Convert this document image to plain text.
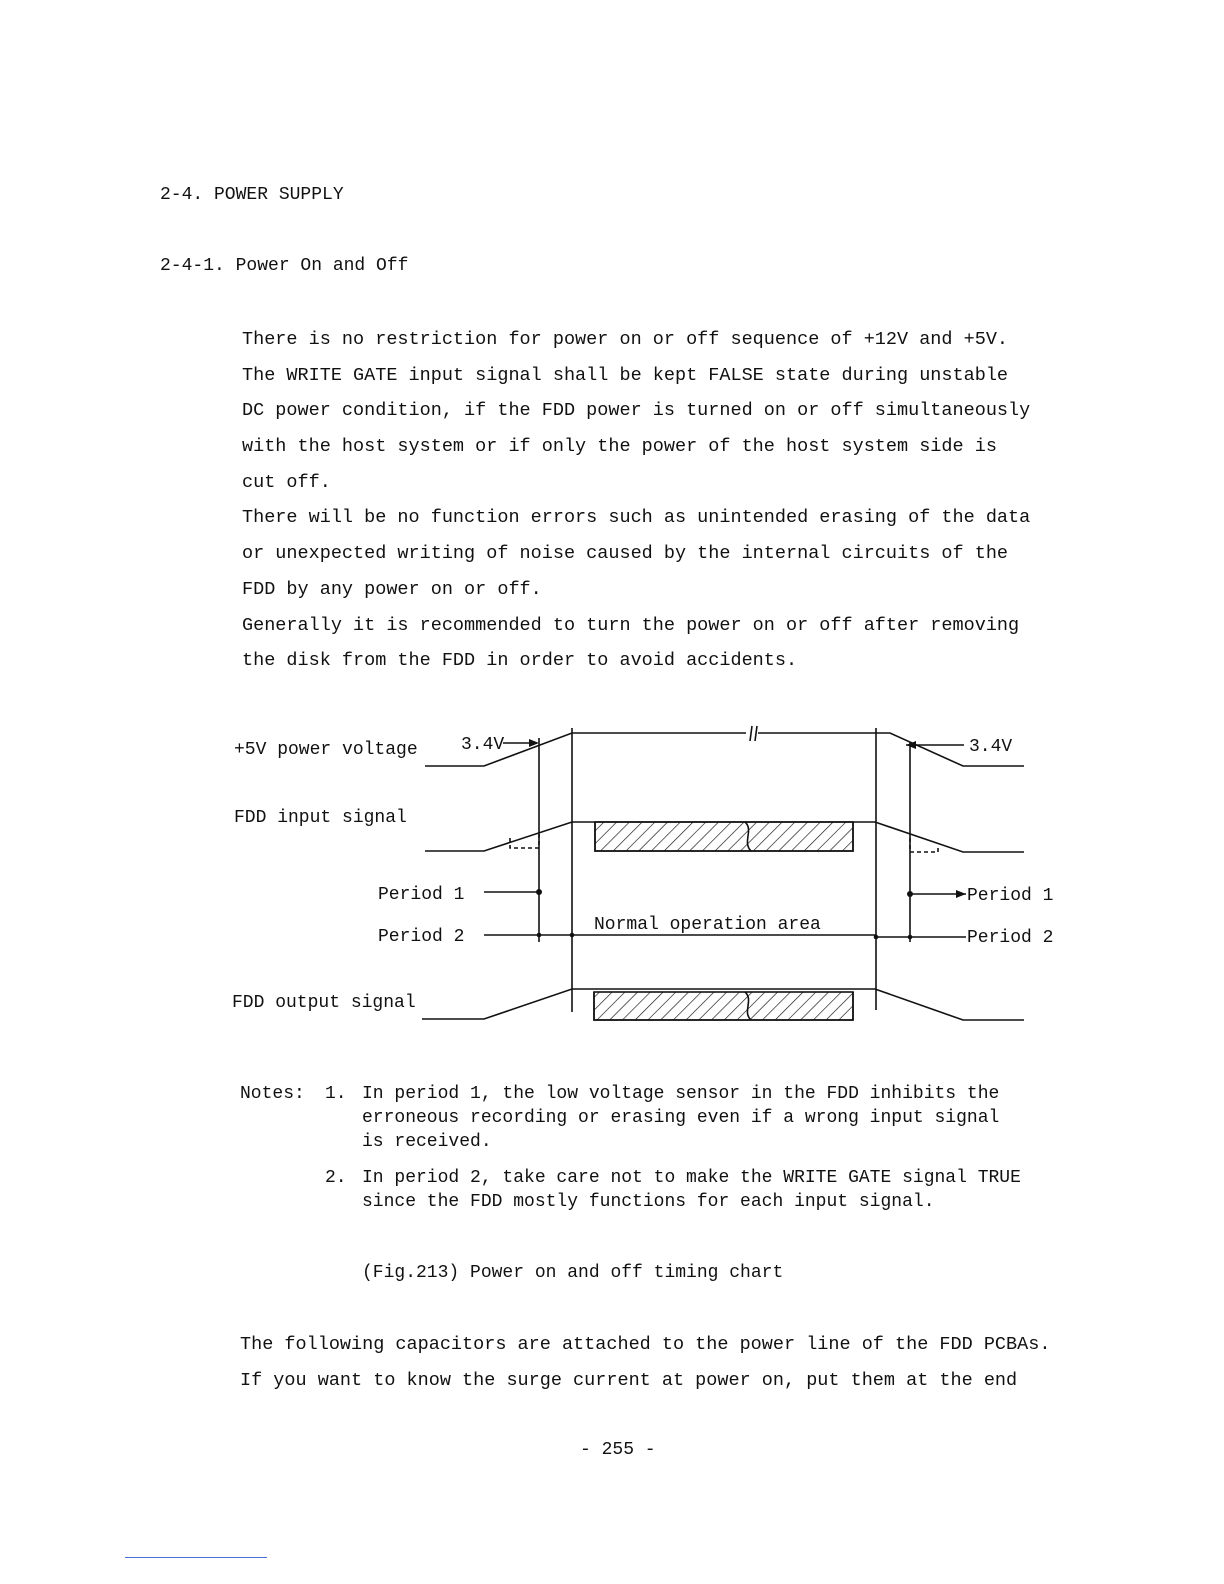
2-4. POWER SUPPLY
2-4-1. Power On and Off
There is no restriction for power on or off sequence of +12V and +5V.
The WRITE GATE input signal shall be kept FALSE state during unstable
DC power condition, if the FDD power is turned on or off simultaneously
with the host system or if only the power of the host system side is
cut off.
There will be no function errors such as unintended erasing of the data
or unexpected writing of noise caused by the internal circuits of the
FDD by any power on or off.
Generally it is recommended to turn the power on or off after removing
the disk from the FDD in order to avoid accidents.
+5V power voltage
FDD input signal
FDD output signal
3.4V	3.4V
Period 1
Period 2
Period 1
Period 2
Normal operation area
Notes: 1. In period 1, the low voltage sensor in the FDD inhibits the
erroneous recording or erasing even if a wrong input signal
is received.
2. In period 2, take care not to make the WRITE GATE signal TRUE
since the FDD mostly functions for each input signal.
(Fig.213) Power on and off timing chart
The following capacitors are attached to the power line of the FDD PCBAs.
If you want to know the surge current at power on, put them at the end
- 255 -
